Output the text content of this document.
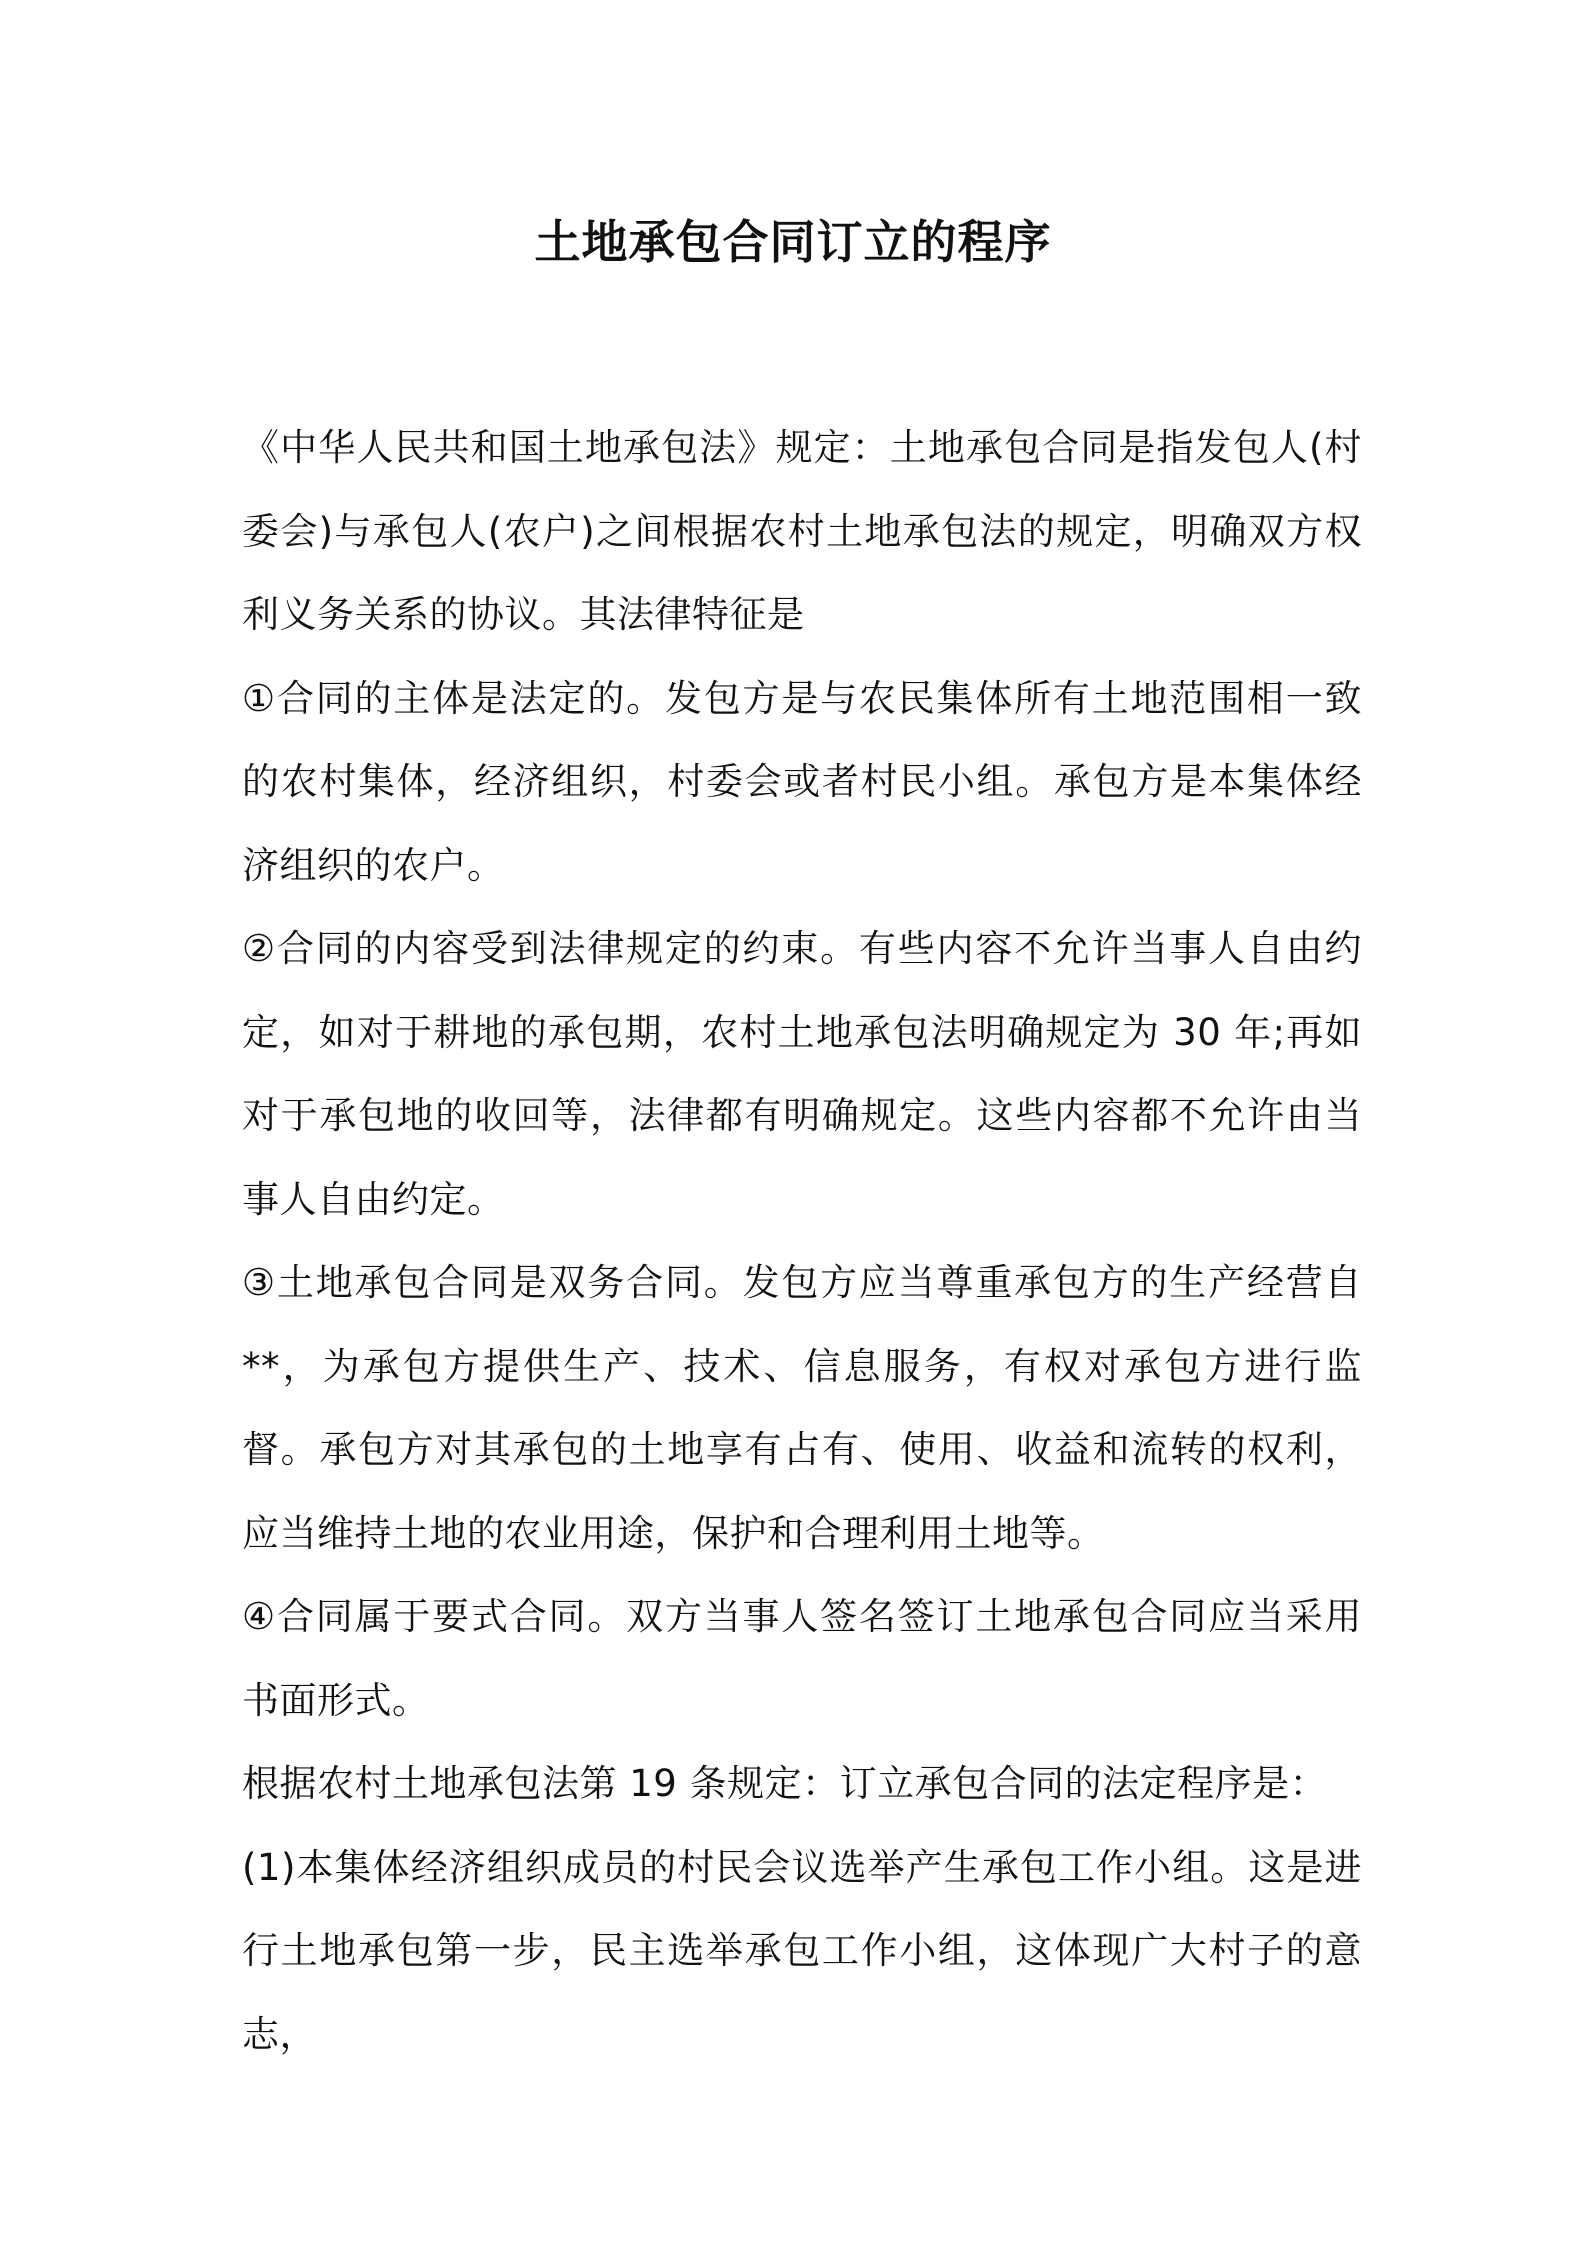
土地承包合同订立的程序

《中华人民共和国土地承包法》规定：土地承包合同是指发包人(村委会)与承包人(农户)之间根据农村土地承包法的规定，明确双方权利义务关系的协议。其法律特征是

①合同的主体是法定的。发包方是与农民集体所有土地范围相一致的农村集体，经济组织，村委会或者村民小组。承包方是本集体经济组织的农户。

②合同的内容受到法律规定的约束。有些内容不允许当事人自由约定，如对于耕地的承包期，农村土地承包法明确规定为 30 年;再如对于承包地的收回等，法律都有明确规定。这些内容都不允许由当事人自由约定。

③土地承包合同是双务合同。发包方应当尊重承包方的生产经营自**，为承包方提供生产、技术、信息服务，有权对承包方进行监督。承包方对其承包的土地享有占有、使用、收益和流转的权利，应当维持土地的农业用途，保护和合理利用土地等。

④合同属于要式合同。双方当事人签名签订土地承包合同应当采用书面形式。

根据农村土地承包法第 19 条规定：订立承包合同的法定程序是：

(1)本集体经济组织成员的村民会议选举产生承包工作小组。这是进行土地承包第一步，民主选举承包工作小组，这体现广大村子的意志，
